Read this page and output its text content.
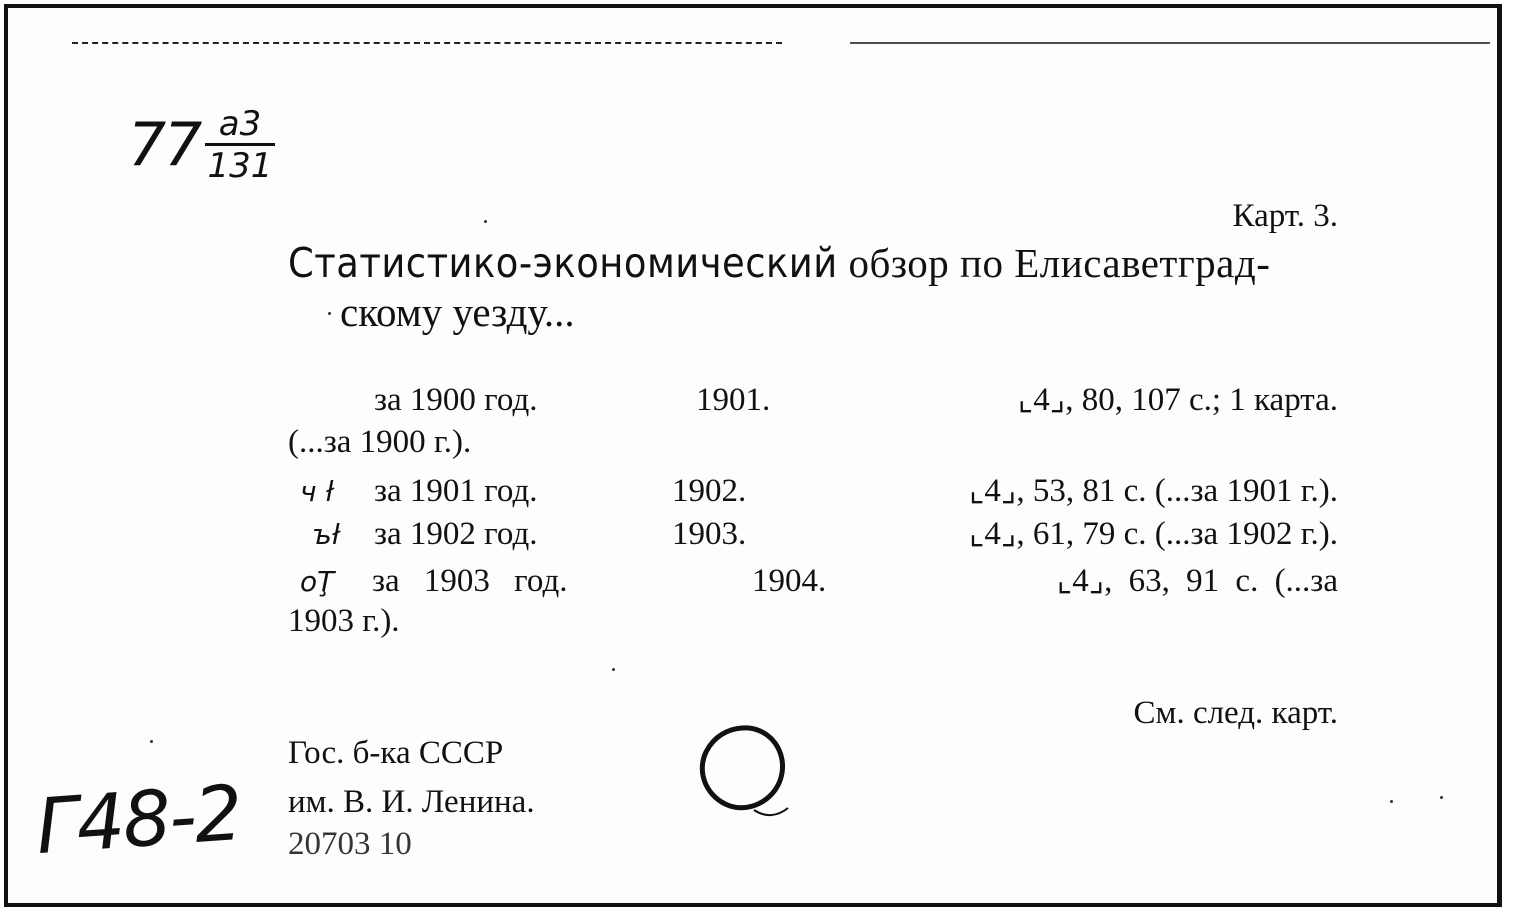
$77 \frac{a3}{131}$
Карт. 3.
Статистико-экономический обзор по Елисаветград-
скому уезду...
за 1900 год.	1901.	⌞4⌟, 80, 107 с.; 1 карта.
(...за 1900 г.).
ч ł за 1901 год.	1902.	⌞4⌟, 53, 81 с. (...за 1901 г.).
ъł за 1902 год.	1903.	⌞4⌟, 61, 79 с. (...за 1902 г.).
օŢ за 1903 год.	1904.	⌞4⌟, 63, 91 с. (...за
1903 г.).
См. след. карт.
Гос. б-ка СССР
им. В. И. Ленина.
Г48-2
